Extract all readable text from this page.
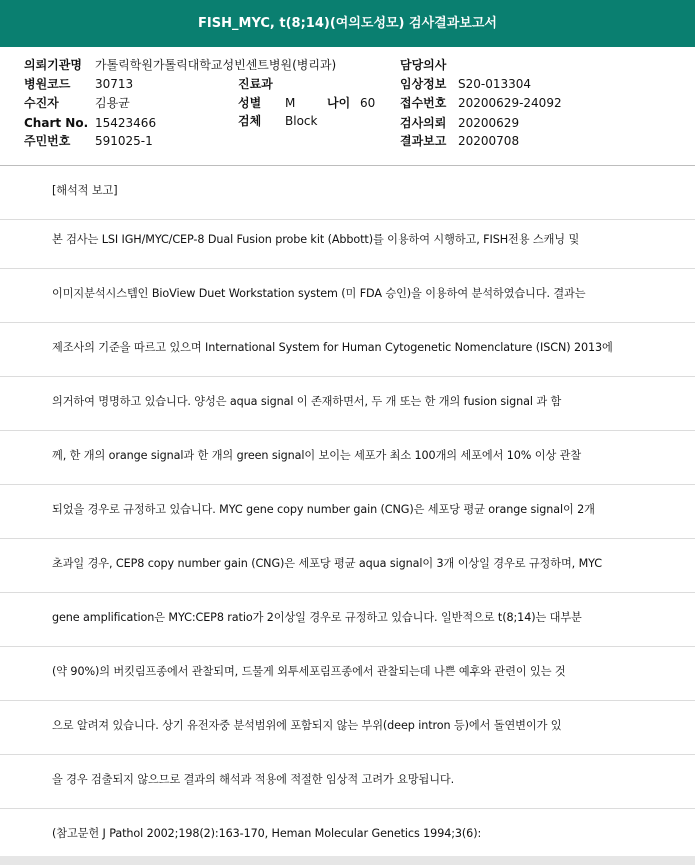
FISH_MYC, t(8;14)(여의도성모) 검사결과보고서
의뢰기관명 가톨릭학원가톨릭대학교성빈센트병원(병리과)	담당의사
병원코드 30713	진료과	임상정보 S20-013304
수진자	김용균	성별 M	나이 60 접수번호 20200629-24092
Chart No. 15423466	검체 Block	검사의뢰 20200629
주민번호 591025-1	결과보고 20200708
[해석적 보고]
본 검사는 LSI IGH/MYC/CEP-8 Dual Fusion probe kit (Abbott)를 이용하여 시행하고, FISH전용 스캐닝 및
이미지분석시스템인 BioView Duet Workstation system (미 FDA 승인)을 이용하여 분석하였습니다. 결과는
제조사의 기준을 따르고 있으며 International System for Human Cytogenetic Nomenclature (ISCN) 2013에
의거하여 명명하고 있습니다. 양성은 aqua signal 이 존재하면서, 두 개 또는 한 개의 fusion signal 과 함
께, 한 개의 orange signal과 한 개의 green signal이 보이는 세포가 최소 100개의 세포에서 10% 이상 관찰
되었을 경우로 규정하고 있습니다. MYC gene copy number gain (CNG)은 세포당 평균 orange signal이 2개
초과일 경우, CEP8 copy number gain (CNG)은 세포당 평균 aqua signal이 3개 이상일 경우로 규정하며, MYC
gene amplification은 MYC:CEP8 ratio가 2이상일 경우로 규정하고 있습니다. 일반적으로 t(8;14)는 대부분
(약 90%)의 버킷림프종에서 관찰되며, 드물게 외투세포림프종에서 관찰되는데 나쁜 예후와 관련이 있는 것
으로 알려져 있습니다. 상기 유전자중 분석범위에 포함되지 않는 부위(deep intron 등)에서 돌연변이가 있
을 경우 검출되지 않으므로 결과의 해석과 적용에 적절한 임상적 고려가 요망됩니다.
(참고문헌 J Pathol 2002;198(2):163-170, Heman Molecular Genetics 1994;3(6):
